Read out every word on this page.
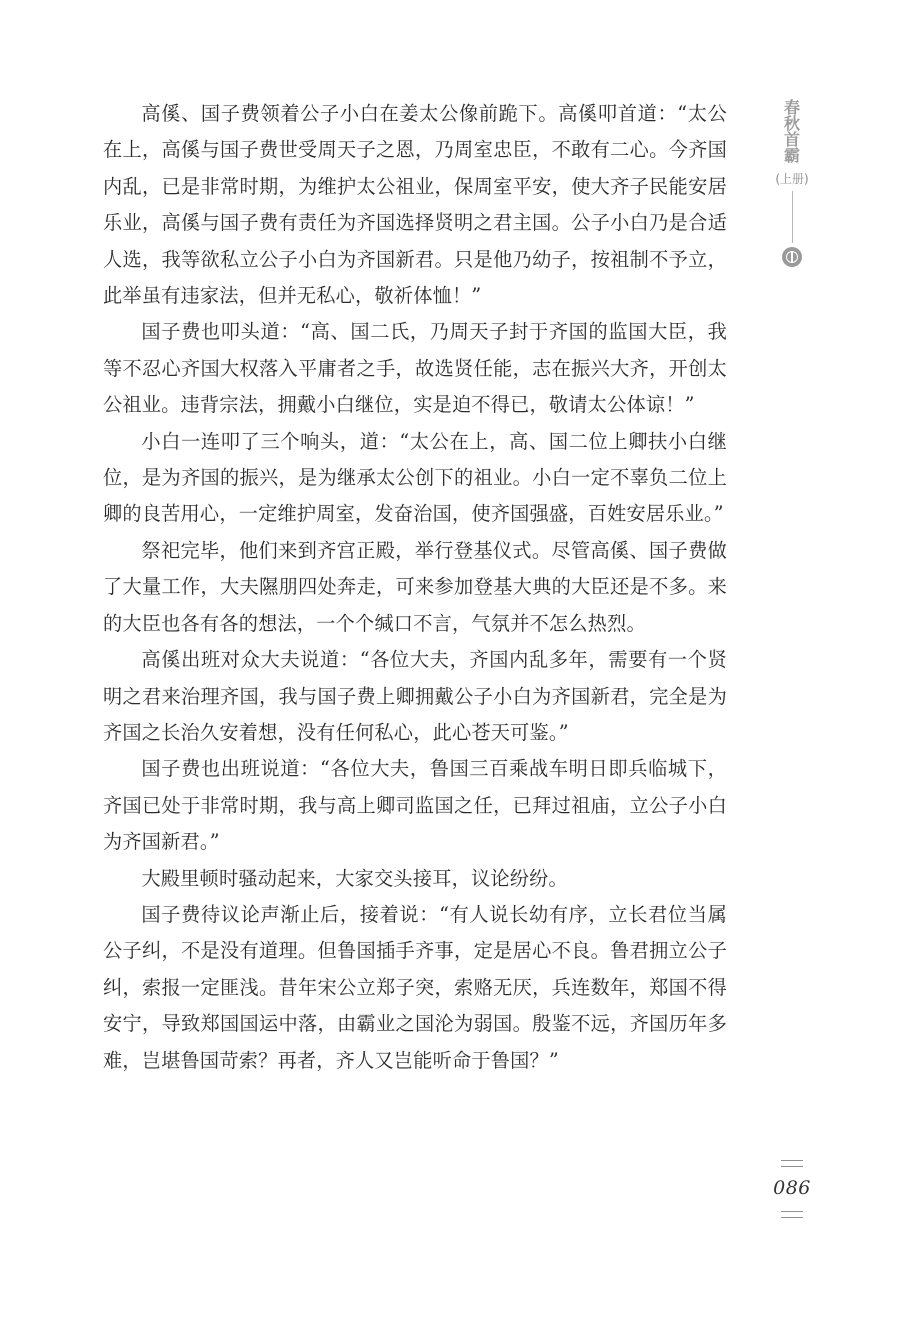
高傒、国子费领着公子小白在姜太公像前跪下。高傒叩首道：“太公在上，高傒与国子费世受周天子之恩，乃周室忠臣，不敢有二心。今齐国内乱，已是非常时期，为维护太公祖业，保周室平安，使大齐子民能安居乐业，高傒与国子费有责任为齐国选择贤明之君主国。公子小白乃是合适人选，我等欲私立公子小白为齐国新君。只是他乃幼子，按祖制不予立，此举虽有违家法，但并无私心，敬祈体恤！”

国子费也叩头道：“高、国二氏，乃周天子封于齐国的监国大臣，我等不忍心齐国大权落入平庸者之手，故选贤任能，志在振兴大齐，开创太公祖业。违背宗法，拥戴小白继位，实是迫不得已，敬请太公体谅！”

小白一连叩了三个响头，道：“太公在上，高、国二位上卿扶小白继位，是为齐国的振兴，是为继承太公创下的祖业。小白一定不辜负二位上卿的良苦用心，一定维护周室，发奋治国，使齐国强盛，百姓安居乐业。”

祭祀完毕，他们来到齐宫正殿，举行登基仪式。尽管高傒、国子费做了大量工作，大夫隰朋四处奔走，可来参加登基大典的大臣还是不多。来的大臣也各有各的想法，一个个缄口不言，气氛并不怎么热烈。

高傒出班对众大夫说道：“各位大夫，齐国内乱多年，需要有一个贤明之君来治理齐国，我与国子费上卿拥戴公子小白为齐国新君，完全是为齐国之长治久安着想，没有任何私心，此心苍天可鉴。”

国子费也出班说道：“各位大夫，鲁国三百乘战车明日即兵临城下，齐国已处于非常时期，我与高上卿司监国之任，已拜过祖庙，立公子小白为齐国新君。”

大殿里顿时骚动起来，大家交头接耳，议论纷纷。

国子费待议论声渐止后，接着说：“有人说长幼有序，立长君位当属公子纠，不是没有道理。但鲁国插手齐事，定是居心不良。鲁君拥立公子纠，索报一定匪浅。昔年宋公立郑子突，索赂无厌，兵连数年，郑国不得安宁，导致郑国国运中落，由霸业之国沦为弱国。殷鉴不远，齐国历年多难，岂堪鲁国苛索？再者，齐人又岂能听命于鲁国？”

春秋首霸
(上册)
086
